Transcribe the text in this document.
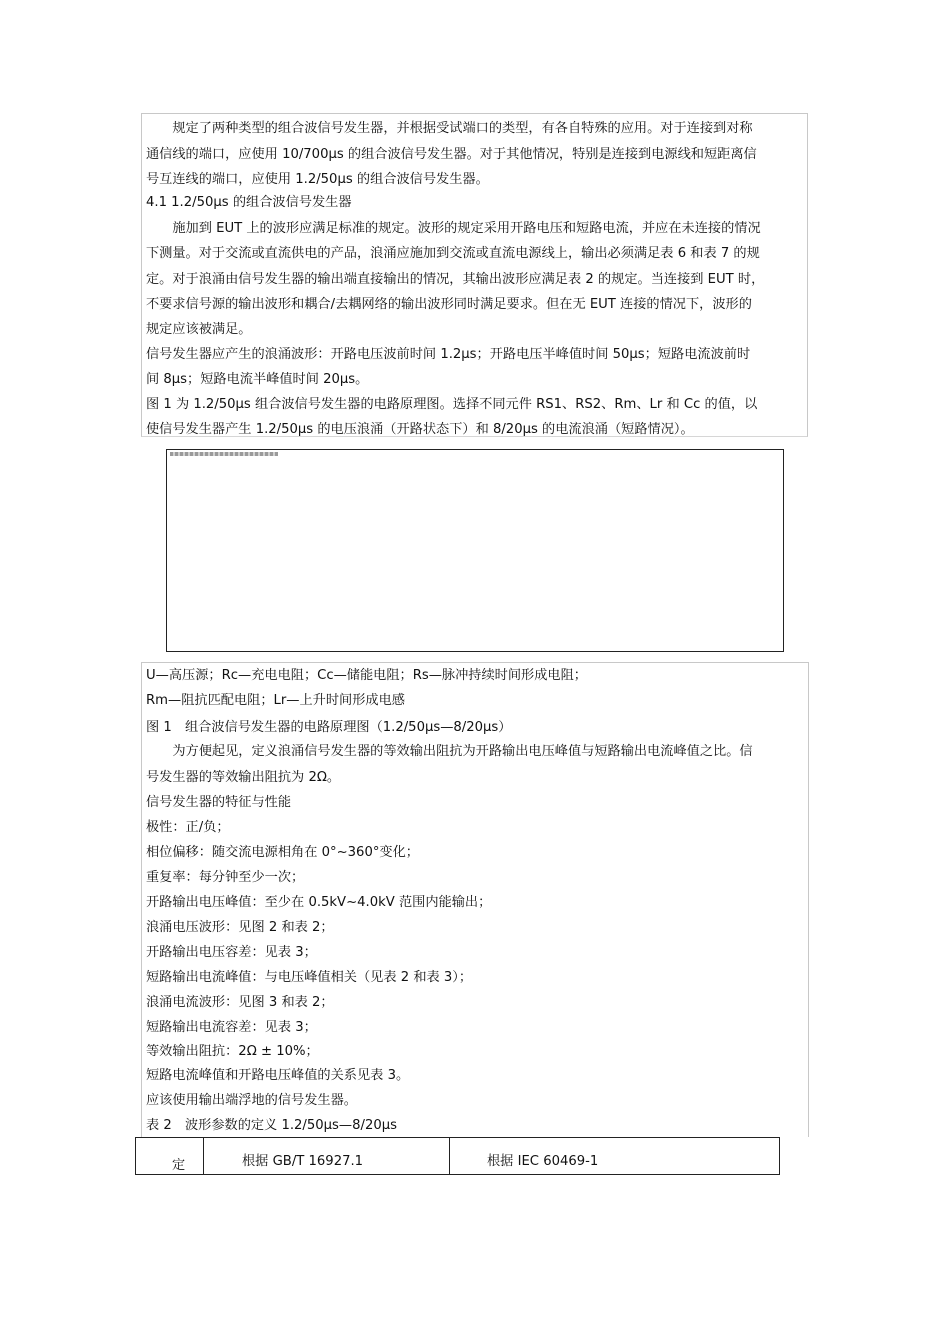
　　规定了两种类型的组合波信号发生器，并根据受试端口的类型，有各自特殊的应用。对于连接到对称
通信线的端口，应使用 10/700μs 的组合波信号发生器。对于其他情况，特别是连接到电源线和短距离信
号互连线的端口，应使用 1.2/50μs 的组合波信号发生器。
4.1 1.2/50μs 的组合波信号发生器
　　施加到 EUT 上的波形应满足标准的规定。波形的规定采用开路电压和短路电流，并应在未连接的情况
下测量。对于交流或直流供电的产品，浪涌应施加到交流或直流电源线上，输出必须满足表 6 和表 7 的规
定。对于浪涌由信号发生器的输出端直接输出的情况，其输出波形应满足表 2 的规定。当连接到 EUT 时，
不要求信号源的输出波形和耦合/去耦网络的输出波形同时满足要求。但在无 EUT 连接的情况下，波形的
规定应该被满足。
信号发生器应产生的浪涌波形：开路电压波前时间 1.2μs；开路电压半峰值时间 50μs；短路电流波前时
间 8μs；短路电流半峰值时间 20μs。
图 1 为 1.2/50μs 组合波信号发生器的电路原理图。选择不同元件 RS1、RS2、Rm、Lr 和 Cc 的值，以
使信号发生器产生 1.2/50μs 的电压浪涌（开路状态下）和 8/20μs 的电流浪涌（短路情况）。
U—高压源；Rc—充电电阻；Cc—储能电阻；Rs—脉冲持续时间形成电阻；
Rm—阻抗匹配电阻；Lr—上升时间形成电感
图 1　组合波信号发生器的电路原理图（1.2/50μs—8/20μs）
　　为方便起见，定义浪涌信号发生器的等效输出阻抗为开路输出电压峰值与短路输出电流峰值之比。信
号发生器的等效输出阻抗为 2Ω。
信号发生器的特征与性能
极性：正/负；
相位偏移：随交流电源相角在 0°~360°变化；
重复率：每分钟至少一次；
开路输出电压峰值：至少在 0.5kV~4.0kV 范围内能输出；
浪涌电压波形：见图 2 和表 2；
开路输出电压容差：见表 3；
短路输出电流峰值：与电压峰值相关（见表 2 和表 3）；
浪涌电流波形：见图 3 和表 2；
短路输出电流容差：见表 3；
等效输出阻抗：2Ω ± 10%；
短路电流峰值和开路电压峰值的关系见表 3。
应该使用输出端浮地的信号发生器。
表 2　波形参数的定义 1.2/50μs—8/20μs
定	根据 GB/T 16927.1	根据 IEC 60469-1
